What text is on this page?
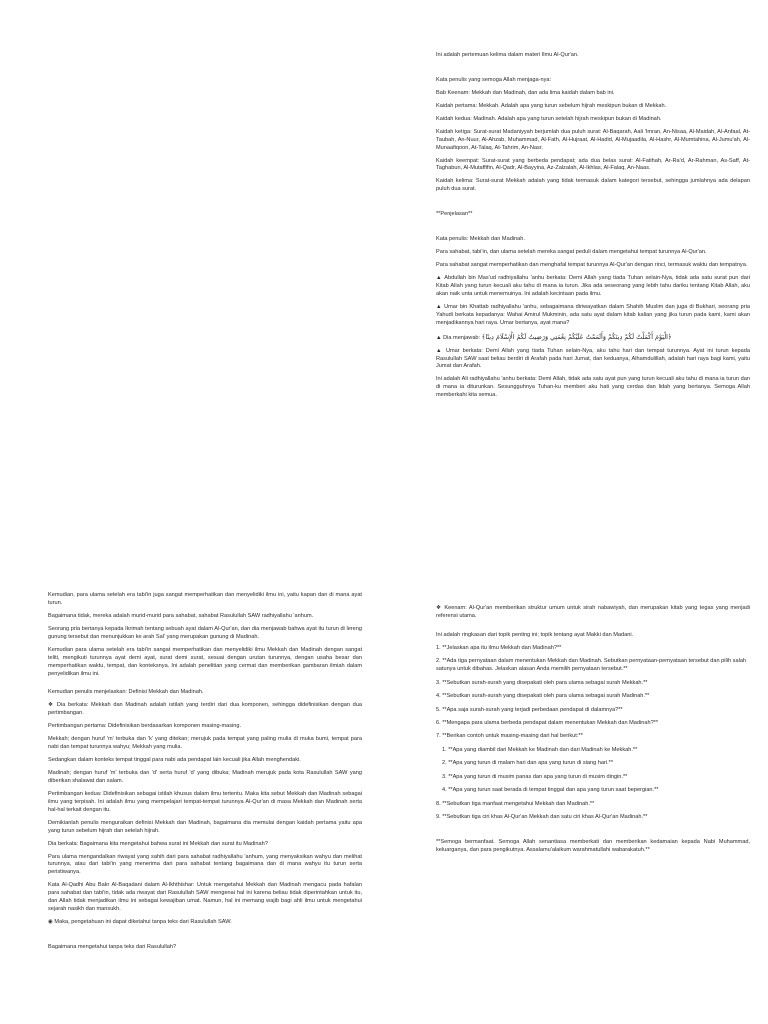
Ini adalah pertemuan kelima dalam materi Ilmu Al-Qur'an.

Kata penulis yang semoga Allah menjaga-nya:

Bab Keenam: Mekkah dan Madinah, dan ada lima kaidah dalam bab ini.

Kaidah pertama: Mekkah. Adalah apa yang turun sebelum hijrah meskipun bukan di Mekkah.

Kaidah kedua: Madinah. Adalah apa yang turun setelah hijrah meskipun bukan di Madinah.

Kaidah ketiga: Surat-surat Madaniyyah berjumlah dua puluh surat: Al-Baqarah, Aali 'Imran, An-Nisaa, Al-Maidah, Al-Anfaal, At-Taubah, An-Nuur, Al-Ahzab, Muhammad, Al-Fath, Al-Hujraat, Al-Hadid, Al-Mujaadila, Al-Hashr, Al-Mumtahina, Al-Jumu'ah, Al-Munaafiqoon, At-Talaq, At-Tahrim, An-Nasr.

Kaidah keempat: Surat-surat yang berbeda pendapat; ada dua belas surat: Al-Fatihah, Ar-Ra'd, Ar-Rahman, As-Saff, At-Taghabun, Al-Mutaffifin, Al-Qadr, Al-Bayyina, Az-Zalzalah, Al-Ikhlas, Al-Falaq, An-Naas.

Kaidah kelima: Surat-surat Mekkah adalah yang tidak termasuk dalam kategori tersebut, sehingga jumlahnya ada delapan puluh dua surat.

**Penjelasan**

Kata penulis: Mekkah dan Madinah.

Para sahabat, tabi'in, dan ulama setelah mereka sangat peduli dalam mengetahui tempat turunnya Al-Qur'an.

Para sahabat sangat memperhatikan dan menghafal tempat turunnya Al-Qur'an dengan rinci, termasuk waktu dan tempatnya.

▲ Abdullah bin Mas'ud radhiyallahu 'anhu berkata: Demi Allah yang tiada Tuhan selain-Nya, tidak ada satu surat pun dari Kitab Allah yang turun kecuali aku tahu di mana ia turun. Jika ada seseorang yang lebih tahu dariku tentang Kitab Allah, aku akan naik unta untuk menemuinya. Ini adalah kecintaan pada ilmu.

▲ Umar bin Khattab radhiyallahu 'anhu, sebagaimana diriwayatkan dalam Shahih Muslim dan juga di Bukhari, seorang pria Yahudi berkata kepadanya: Wahai Amirul Mukminin, ada satu ayat dalam kitab kalian yang jika turun pada kami, kami akan menjadikannya hari raya. Umar bertanya, ayat mana?

▲ Dia menjawab: ﴿الْيَوْمَ أَكْمَلْتُ لَكُمْ دِينَكُمْ وَأَتْمَمْتُ عَلَيْكُمْ نِعْمَتِي وَرَضِيتُ لَكُمُ الْإِسْلَامَ دِينًا﴾

▲ Umar berkata: Demi Allah yang tiada Tuhan selain-Nya, aku tahu hari dan tempat turunnya. Ayat ini turun kepada Rasulullah SAW saat beliau berdiri di Arafah pada hari Jumat, dan keduanya, Alhamdulillah, adalah hari raya bagi kami, yaitu Jumat dan Arafah.

Ini adalah Ali radhiyallahu 'anhu berkata: Demi Allah, tidak ada satu ayat pun yang turun kecuali aku tahu di mana ia turun dan di mana ia diturunkan. Sesungguhnya Tuhan-ku memberi aku hati yang cerdas dan lidah yang bertanya. Semoga Allah memberkahi kita semua.

Kemudian, para ulama setelah era tabi'in juga sangat memperhatikan dan menyelidiki ilmu ini, yaitu kapan dan di mana ayat turun.

Bagaimana tidak, mereka adalah murid-murid para sahabat, sahabat Rasulullah SAW radhiyallahu 'anhum.

Seorang pria bertanya kepada Ikrimah tentang sebuah ayat dalam Al-Qur'an, dan dia menjawab bahwa ayat itu turun di lereng gunung tersebut dan menunjukkan ke arah Sal' yang merupakan gunung di Madinah.

Kemudian para ulama setelah era tabi'in sangat memperhatikan dan menyelidiki ilmu Mekkah dan Madinah dengan sangat teliti, mengikuti turunnya ayat demi ayat, surat demi surat, sesuai dengan urutan turunnya, dengan usaha besar dan memperhatikan waktu, tempat, dan konteksnya. Ini adalah penelitian yang cermat dan memberikan gambaran ilmiah dalam penyelidikan ilmu ini.

Kemudian penulis menjelaskan: Definisi Mekkah dan Madinah.

❖ Dia berkata: Mekkah dan Madinah adalah istilah yang terdiri dari dua komponen, sehingga didefinisikan dengan dua pertimbangan.

Pertimbangan pertama: Didefinisikan berdasarkan komponen masing-masing.

Mekkah; dengan huruf 'm' terbuka dan 'k' yang ditekan; merujuk pada tempat yang paling mulia di muka bumi, tempat para nabi dan tempat turunnya wahyu; Mekkah yang mulia.

Sedangkan dalam konteks tempat tinggal para nabi ada pendapat lain kecuali jika Allah menghendaki.

Madinah; dengan huruf 'm' terbuka dan 'd' serta huruf 'd' yang dibuka; Madinah merujuk pada kota Rasulullah SAW yang diberikan shalawat dan salam.

Pertimbangan kedua: Didefinisikan sebagai istilah khusus dalam ilmu tertentu. Maka kita sebut Mekkah dan Madinah sebagai ilmu yang terpisah. Ini adalah ilmu yang mempelajari tempat-tempat turunnya Al-Qur'an di masa Mekkah dan Madinah serta hal-hal terkait dengan itu.

Demikianlah penulis menguraikan definisi Mekkah dan Madinah, bagaimana dia memulai dengan kaidah pertama yaitu apa yang turun sebelum hijrah dan setelah hijrah.

Dia berkata: Bagaimana kita mengetahui bahwa surat ini Mekkah dan surat itu Madinah?

Para ulama mengandalkan riwayat yang sahih dari para sahabat radhiyallahu 'anhum, yang menyaksikan wahyu dan melihat turunnya, atau dari tabi'in yang menerima dari para sahabat tentang bagaimana dan di mana wahyu itu turun serta peristiwanya.

Kata Al-Qadhi Abu Bakr Al-Baqadani dalam Al-Ikhthishar: Untuk mengetahui Mekkah dan Madinah mengacu pada hafalan para sahabat dan tabi'in, tidak ada riwayat dari Rasulullah SAW mengenai hal ini karena beliau tidak diperintahkan untuk itu, dan Allah tidak menjadikan ilmu ini sebagai kewajiban umat. Namun, hal ini memang wajib bagi ahli ilmu untuk mengetahui sejarah nasikh dan mansukh.

◉ Maka, pengetahuan ini dapat diketahui tanpa teks dari Rasulullah SAW.

Bagaimana mengetahui tanpa teks dari Rasulullah?

❖ Keenam: Al-Qur'an memberikan struktur umum untuk sirah nabawiyah, dan merupakan kitab yang tegas yang menjadi referensi utama.

Ini adalah ringkasan dari topik penting ini; topik tentang ayat Makki dan Madani.

1. **Jelaskan apa itu ilmu Mekkah dan Madinah?**
2. **Ada tiga pernyataan dalam menentukan Mekkah dan Madinah. Sebutkan pernyataan-pernyataan tersebut dan pilih salah satunya untuk dibahas. Jelaskan alasan Anda memilih pernyataan tersebut.**
3. **Sebutkan surah-surah yang disepakati oleh para ulama sebagai surah Mekkah.**
4. **Sebutkan surah-surah yang disepakati oleh para ulama sebagai surah Madinah.**
5. **Apa saja surah-surah yang terjadi perbedaan pendapat di dalamnya?**
6. **Mengapa para ulama berbeda pendapat dalam menentukan Mekkah dan Madinah?**
7. **Berikan contoh untuk masing-masing dari hal berikut:**
1. **Apa yang diambil dari Mekkah ke Madinah dan dari Madinah ke Mekkah.**
2. **Apa yang turun di malam hari dan apa yang turun di siang hari.**
3. **Apa yang turun di musim panas dan apa yang turun di musim dingin.**
4. **Apa yang turun saat berada di tempat tinggal dan apa yang turun saat bepergian.**
8. **Sebutkan tiga manfaat mengetahui Mekkah dan Madinah.**
9. **Sebutkan tiga ciri khas Al-Qur'an Mekkah dan satu ciri khas Al-Qur'an Madinah.**

**Semoga bermanfaat. Semoga Allah senantiasa memberkati dan memberikan kedamaian kepada Nabi Muhammad, keluarganya, dan para pengikutnya. Assalamu'alaikum warahmatullahi wabarakatuh.**
